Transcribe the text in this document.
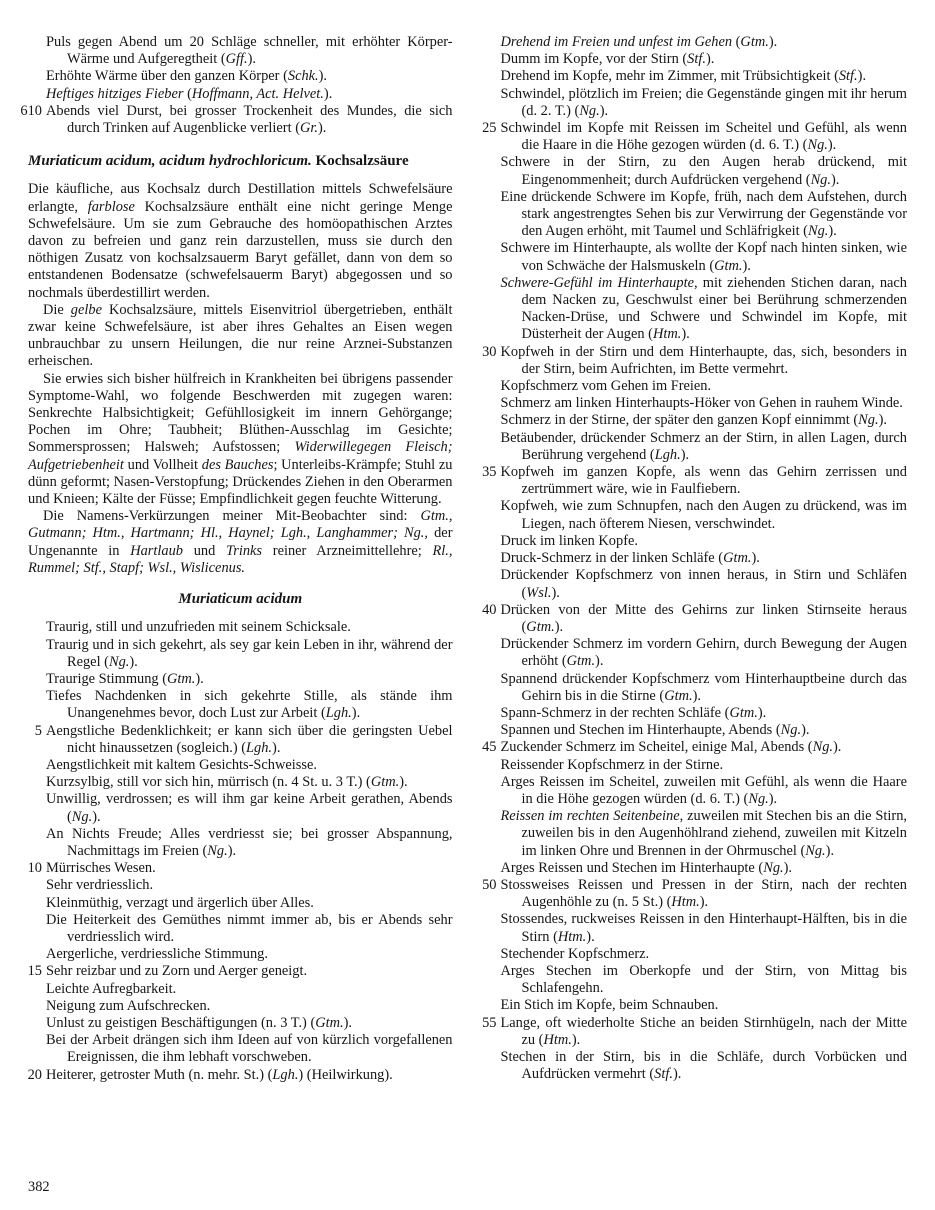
Puls gegen Abend um 20 Schläge schneller, mit erhöhter Körper-Wärme und Aufgeregtheit (Gff.).

Erhöhte Wärme über den ganzen Körper (Schk.).

Heftiges hitziges Fieber (Hoffmann, Act. Helvet.).

610 Abends viel Durst, bei grosser Trockenheit des Mundes, die sich durch Trinken auf Augenblicke verliert (Gr.).

Muriaticum acidum, acidum hydrochloricum. Kochsalzsäure

Die käufliche, aus Kochsalz durch Destillation mittels Schwefelsäure erlangte, farblose Kochsalzsäure enthält eine nicht geringe Menge Schwefelsäure. Um sie zum Gebrauche des homöopathischen Arztes davon zu befreien und ganz rein darzustellen, muss sie durch den nöthigen Zusatz von kochsalzsauerm Baryt gefället, dann von dem so entstandenen Bodensatze (schwefelsauerm Baryt) abgegossen und so nochmals überdestillirt werden.

Die gelbe Kochsalzsäure, mittels Eisenvitriol übergetrieben, enthält zwar keine Schwefelsäure, ist aber ihres Gehaltes an Eisen wegen unbrauchbar zu unsern Heilungen, die nur reine Arznei-Substanzen erheischen.

Sie erwies sich bisher hülfreich in Krankheiten bei übrigens passender Symptome-Wahl, wo folgende Beschwerden mit zugegen waren: Senkrechte Halbsichtigkeit; Gefühllosigkeit im innern Gehörgange; Pochen im Ohre; Taubheit; Blüthen-Ausschlag im Gesichte; Sommersprossen; Halsweh; Aufstossen; Widerwillegegen Fleisch; Aufgetriebenheit und Vollheit des Bauches; Unterleibs-Krämpfe; Stuhl zu dünn geformt; Nasen-Verstopfung; Drückendes Ziehen in den Oberarmen und Knieen; Kälte der Füsse; Empfindlichkeit gegen feuchte Witterung.

Die Namens-Verkürzungen meiner Mit-Beobachter sind: Gtm., Gutmann; Htm., Hartmann; Hl., Haynel; Lgh., Langhammer; Ng., der Ungenannte in Hartlaub und Trinks reiner Arzneimittellehre; Rl., Rummel; Stf., Stapf; Wsl., Wislicenus.

Muriaticum acidum

Traurig, still und unzufrieden mit seinem Schicksale.

Traurig und in sich gekehrt, als sey gar kein Leben in ihr, während der Regel (Ng.).

Traurige Stimmung (Gtm.).

Tiefes Nachdenken in sich gekehrte Stille, als stände ihm Unangenehmes bevor, doch Lust zur Arbeit (Lgh.).

5 Aengstliche Bedenklichkeit; er kann sich über die geringsten Uebel nicht hinaussetzen (sogleich.) (Lgh.).

Aengstlichkeit mit kaltem Gesichts-Schweisse.

Kurzsylbig, still vor sich hin, mürrisch (n. 4 St. u. 3 T.) (Gtm.).

Unwillig, verdrossen; es will ihm gar keine Arbeit gerathen, Abends (Ng.).

An Nichts Freude; Alles verdriesst sie; bei grosser Abspannung, Nachmittags im Freien (Ng.).

10 Mürrisches Wesen.

Sehr verdriesslich.

Kleinmüthig, verzagt und ärgerlich über Alles.

Die Heiterkeit des Gemüthes nimmt immer ab, bis er Abends sehr verdriesslich wird.

Aergerliche, verdriessliche Stimmung.

15 Sehr reizbar und zu Zorn und Aerger geneigt.

Leichte Aufregbarkeit.

Neigung zum Aufschrecken.

Unlust zu geistigen Beschäftigungen (n. 3 T.) (Gtm.).

Bei der Arbeit drängen sich ihm Ideen auf von kürzlich vorgefallenen Ereignissen, die ihm lebhaft vorschweben.

20 Heiterer, getroster Muth (n. mehr. St.) (Lgh.) (Heilwirkung).

Drehend im Freien und unfest im Gehen (Gtm.).

Dumm im Kopfe, vor der Stirn (Stf.).

Drehend im Kopfe, mehr im Zimmer, mit Trübsichtigkeit (Stf.).

Schwindel, plötzlich im Freien; die Gegenstände gingen mit ihr herum (d. 2. T.) (Ng.).

25 Schwindel im Kopfe mit Reissen im Scheitel und Gefühl, als wenn die Haare in die Höhe gezogen würden (d. 6. T.) (Ng.).

Schwere in der Stirn, zu den Augen herab drückend, mit Eingenommenheit; durch Aufdrücken vergehend (Ng.).

Eine drückende Schwere im Kopfe, früh, nach dem Aufstehen, durch stark angestrengtes Sehen bis zur Verwirrung der Gegenstände vor den Augen erhöht, mit Taumel und Schläfrigkeit (Ng.).

Schwere im Hinterhaupte, als wollte der Kopf nach hinten sinken, wie von Schwäche der Halsmuskeln (Gtm.).

Schwere-Gefühl im Hinterhaupte, mit ziehenden Stichen daran, nach dem Nacken zu, Geschwulst einer bei Berührung schmerzenden Nacken-Drüse, und Schwere und Schwindel im Kopfe, mit Düsterheit der Augen (Htm.).

30 Kopfweh in der Stirn und dem Hinterhaupte, das, sich, besonders in der Stirn, beim Aufrichten, im Bette vermehrt.

Kopfschmerz vom Gehen im Freien.

Schmerz am linken Hinterhaupts-Höker von Gehen in rauhem Winde.

Schmerz in der Stirne, der später den ganzen Kopf einnimmt (Ng.).

Betäubender, drückender Schmerz an der Stirn, in allen Lagen, durch Berührung vergehend (Lgh.).

35 Kopfweh im ganzen Kopfe, als wenn das Gehirn zerrissen und zertrümmert wäre, wie in Faulfiebern.

Kopfweh, wie zum Schnupfen, nach den Augen zu drückend, was im Liegen, nach öfterem Niesen, verschwindet.

Druck im linken Kopfe.

Druck-Schmerz in der linken Schläfe (Gtm.).

Drückender Kopfschmerz von innen heraus, in Stirn und Schläfen (Wsl.).

40 Drücken von der Mitte des Gehirns zur linken Stirnseite heraus (Gtm.).

Drückender Schmerz im vordern Gehirn, durch Bewegung der Augen erhöht (Gtm.).

Spannend drückender Kopfschmerz vom Hinterhauptbeine durch das Gehirn bis in die Stirne (Gtm.).

Spann-Schmerz in der rechten Schläfe (Gtm.).

Spannen und Stechen im Hinterhaupte, Abends (Ng.).

45 Zuckender Schmerz im Scheitel, einige Mal, Abends (Ng.).

Reissender Kopfschmerz in der Stirne.

Arges Reissen im Scheitel, zuweilen mit Gefühl, als wenn die Haare in die Höhe gezogen würden (d. 6. T.) (Ng.).

Reissen im rechten Seitenbeine, zuweilen mit Stechen bis an die Stirn, zuweilen bis in den Augenhöhlrand ziehend, zuweilen mit Kitzeln im linken Ohre und Brennen in der Ohrmuschel (Ng.).

Arges Reissen und Stechen im Hinterhaupte (Ng.).

50 Stossweises Reissen und Pressen in der Stirn, nach der rechten Augenhöhle zu (n. 5 St.) (Htm.).

Stossendes, ruckweises Reissen in den Hinterhaupt-Hälften, bis in die Stirn (Htm.).

Stechender Kopfschmerz.

Arges Stechen im Oberkopfe und der Stirn, von Mittag bis Schlafengehn.

Ein Stich im Kopfe, beim Schnauben.

55 Lange, oft wiederholte Stiche an beiden Stirnhügeln, nach der Mitte zu (Htm.).

Stechen in der Stirn, bis in die Schläfe, durch Vorbücken und Aufdrücken vermehrt (Stf.).

382
